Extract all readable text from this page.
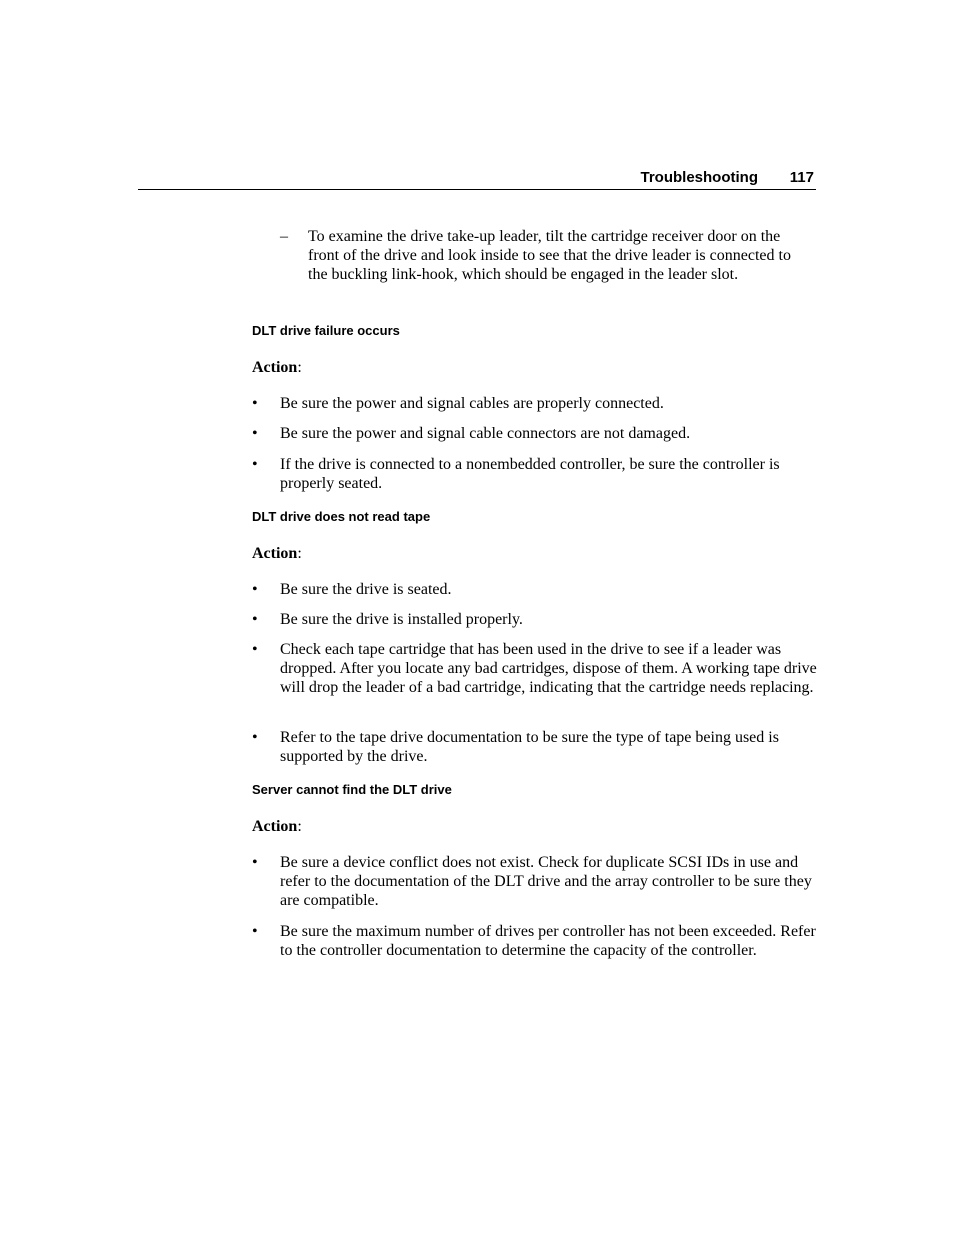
Troubleshooting 117
– To examine the drive take-up leader, tilt the cartridge receiver door on the front of the drive and look inside to see that the drive leader is connected to the buckling link-hook, which should be engaged in the leader slot.
DLT drive failure occurs
Action:
• Be sure the power and signal cables are properly connected.
• Be sure the power and signal cable connectors are not damaged.
• If the drive is connected to a nonembedded controller, be sure the controller is properly seated.
DLT drive does not read tape
Action:
• Be sure the drive is seated.
• Be sure the drive is installed properly.
• Check each tape cartridge that has been used in the drive to see if a leader was dropped. After you locate any bad cartridges, dispose of them. A working tape drive will drop the leader of a bad cartridge, indicating that the cartridge needs replacing.
• Refer to the tape drive documentation to be sure the type of tape being used is supported by the drive.
Server cannot find the DLT drive
Action:
• Be sure a device conflict does not exist. Check for duplicate SCSI IDs in use and refer to the documentation of the DLT drive and the array controller to be sure they are compatible.
• Be sure the maximum number of drives per controller has not been exceeded. Refer to the controller documentation to determine the capacity of the controller.
